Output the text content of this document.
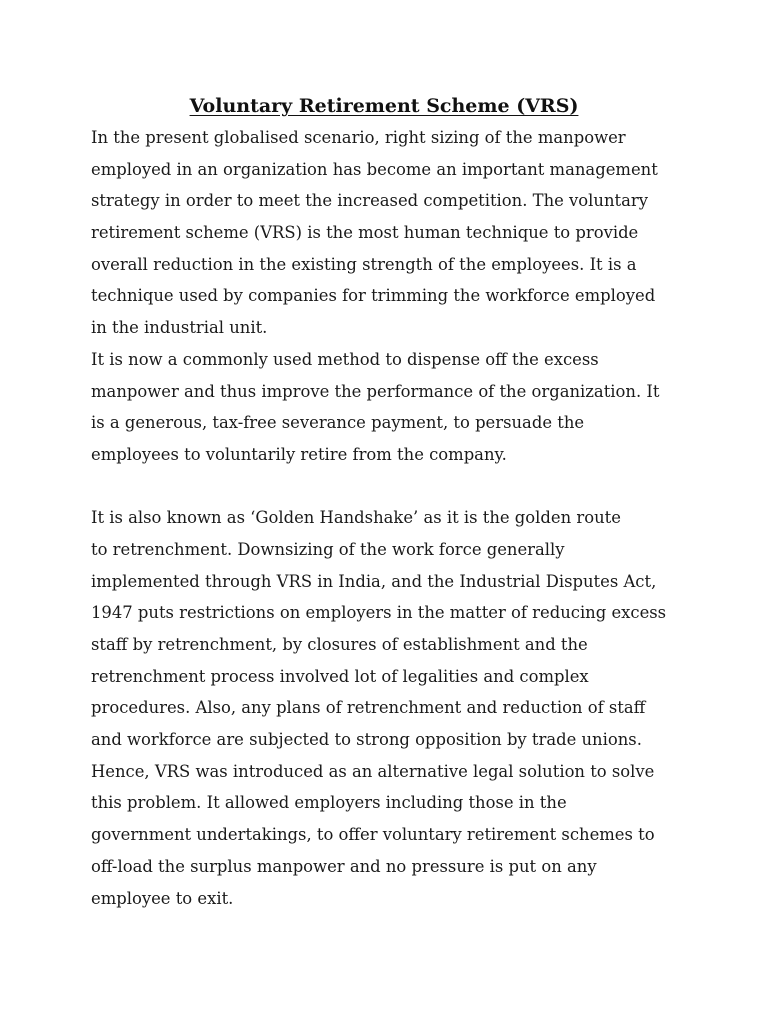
Voluntary Retirement Scheme (VRS)
In the present globalised scenario, right sizing of the manpower
employed in an organization has become an important management
strategy in order to meet the increased competition. The voluntary
retirement scheme (VRS) is the most human technique to provide
overall reduction in the existing strength of the employees. It is a
technique used by companies for trimming the workforce employed
in the industrial unit.
It is now a commonly used method to dispense off the excess
manpower and thus improve the performance of the organization. It
is a generous, tax-free severance payment, to persuade the
employees to voluntarily retire from the company.
It is also known as ‘Golden Handshake’ as it is the golden route
to retrenchment. Downsizing of the work force generally
implemented through VRS in India, and the Industrial Disputes Act,
1947 puts restrictions on employers in the matter of reducing excess
staff by retrenchment, by closures of establishment and the
retrenchment process involved lot of legalities and complex
procedures. Also, any plans of retrenchment and reduction of staff
and workforce are subjected to strong opposition by trade unions.
Hence, VRS was introduced as an alternative legal solution to solve
this problem. It allowed employers including those in the
government undertakings, to offer voluntary retirement schemes to
off-load the surplus manpower and no pressure is put on any
employee to exit.
